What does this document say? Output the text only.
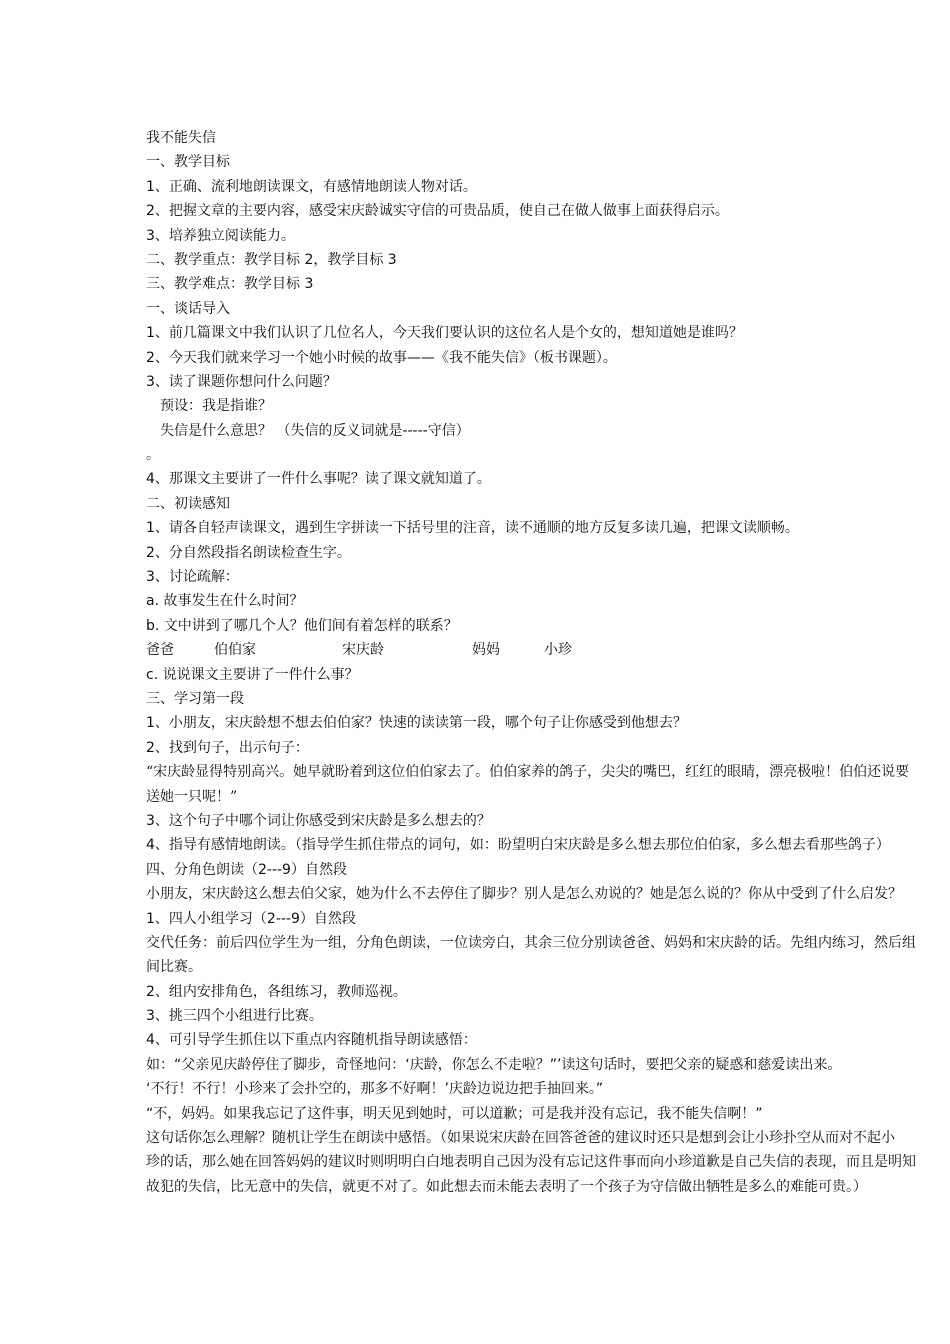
我不能失信
一、教学目标
1、正确、流利地朗读课文，有感情地朗读人物对话。
2、把握文章的主要内容，感受宋庆龄诚实守信的可贵品质，使自己在做人做事上面获得启示。
3、培养独立阅读能力。
二、教学重点：教学目标 2，教学目标 3
三、教学难点：教学目标 3
一、谈话导入
1、前几篇课文中我们认识了几位名人，今天我们要认识的这位名人是个女的，想知道她是谁吗？
2、今天我们就来学习一个她小时候的故事——《我不能失信》（板书课题）。
3、读了课题你想问什么问题？
预设：我是指谁？
失信是什么意思？ （失信的反义词就是-----守信）
。
4、那课文主要讲了一件什么事呢？读了课文就知道了。
二、初读感知
1、请各自轻声读课文，遇到生字拼读一下括号里的注音，读不通顺的地方反复多读几遍，把课文读顺畅。
2、分自然段指名朗读检查生字。
3、讨论疏解：
a. 故事发生在什么时间？
b. 文中讲到了哪几个人？他们间有着怎样的联系？
爸爸	伯伯家	宋庆龄	妈妈	小珍
c. 说说课文主要讲了一件什么事？
三、学习第一段
1、小朋友，宋庆龄想不想去伯伯家？快速的读读第一段，哪个句子让你感受到他想去？
2、找到句子，出示句子：
“宋庆龄显得特别高兴。她早就盼着到这位伯伯家去了。伯伯家养的鸽子，尖尖的嘴巴，红红的眼睛，漂亮极啦！伯伯还说要
送她一只呢！”
3、这个句子中哪个词让你感受到宋庆龄是多么想去的？
4、指导有感情地朗读。（指导学生抓住带点的词句，如：盼望明白宋庆龄是多么想去那位伯伯家，多么想去看那些鸽子）
四、分角色朗读（2---9）自然段
小朋友，宋庆龄这么想去伯父家，她为什么不去停住了脚步？别人是怎么劝说的？她是怎么说的？你从中受到了什么启发？
1、四人小组学习（2---9）自然段
交代任务：前后四位学生为一组，分角色朗读，一位读旁白，其余三位分别读爸爸、妈妈和宋庆龄的话。先组内练习，然后组
间比赛。
2、组内安排角色，各组练习，教师巡视。
3、挑三四个小组进行比赛。
4、可引导学生抓住以下重点内容随机指导朗读感悟：
如：“父亲见庆龄停住了脚步，奇怪地问：‘庆龄，你怎么不走啦？”’读这句话时，要把父亲的疑惑和慈爱读出来。
‘不行！不行！小珍来了会扑空的，那多不好啊！’庆龄边说边把手抽回来。”
“不，妈妈。如果我忘记了这件事，明天见到她时，可以道歉；可是我并没有忘记，我不能失信啊！”
这句话你怎么理解？随机让学生在朗读中感悟。（如果说宋庆龄在回答爸爸的建议时还只是想到会让小珍扑空从而对不起小
珍的话，那么她在回答妈妈的建议时则明明白白地表明自己因为没有忘记这件事而向小珍道歉是自己失信的表现，而且是明知
故犯的失信，比无意中的失信，就更不对了。如此想去而未能去表明了一个孩子为守信做出牺牲是多么的难能可贵。）
